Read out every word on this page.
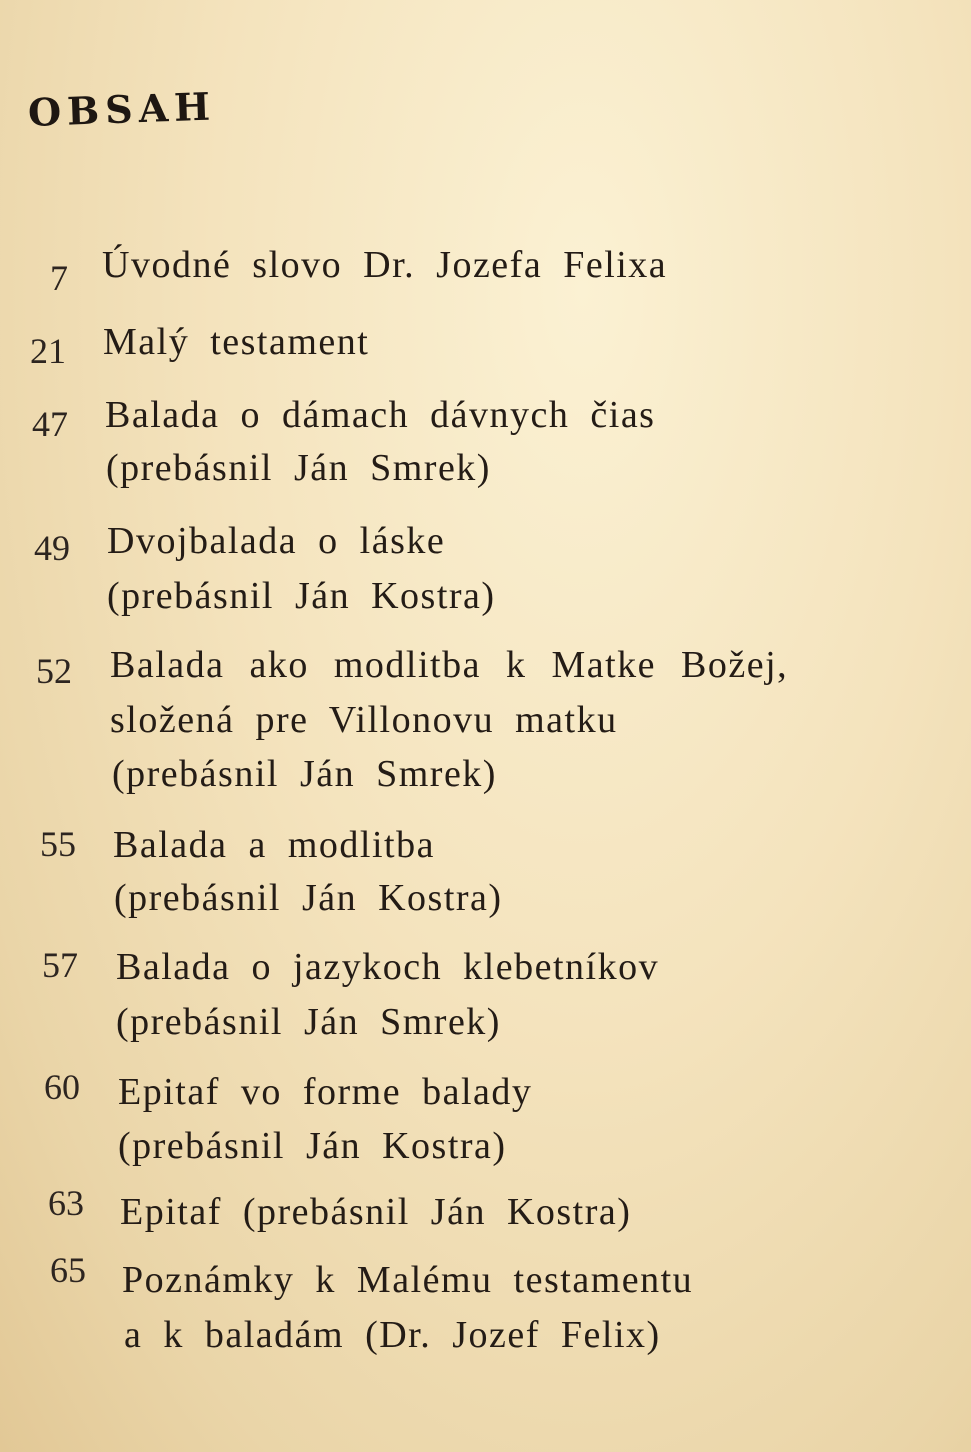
OBSAH
7 Úvodné slovo Dr. Jozefa Felixa
21 Malý testament
47 Balada o dámach dávnych čias
(prebásnil Ján Smrek)
49 Dvojbalada o láske
(prebásnil Ján Kostra)
52 Balada ako modlitba k Matke Božej,
složená pre Villonovu matku
(prebásnil Ján Smrek)
55 Balada a modlitba
(prebásnil Ján Kostra)
57 Balada o jazykoch klebetníkov
(prebásnil Ján Smrek)
60 Epitaf vo forme balady
(prebásnil Ján Kostra)
63 Epitaf (prebásnil Ján Kostra)
65 Poznámky k Malému testamentu
a k baladám (Dr. Jozef Felix)
